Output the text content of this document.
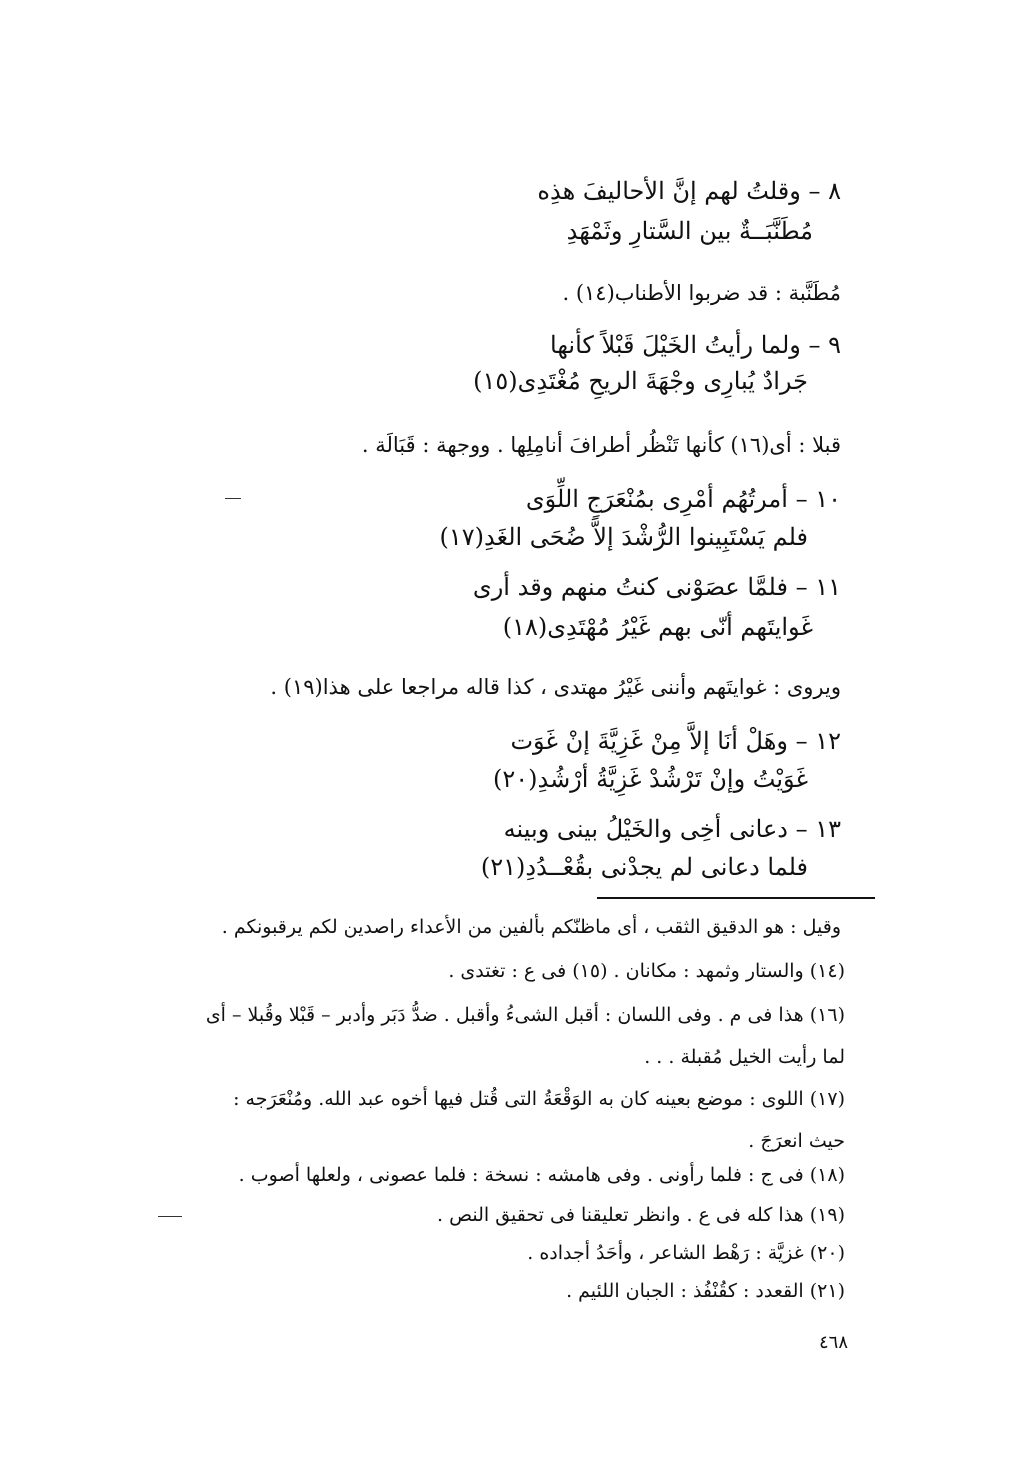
٨ – وقلتُ لهم إنَّ الأحاليفَ هذِه
مُطَنَّبَــةٌ بين السَّتارِ وثَمْهَدِ
مُطَنَّبة : قد ضربوا الأطناب(١٤) .
٩ – ولما رأيتُ الخَيْلَ قَبْلاً كأنها
جَرادٌ يُبارِى وجْهَةَ الريحِ مُغْتَدِى(١٥)
قبلا : أى(١٦) كأنها تَنْظُر أطرافَ أنامِلِها . ووجهة : قَبَالَة .
١٠ – أمرتُهُم أمْرِى بمُنْعَرَجِ اللِّوَى
فلم يَسْتَبِينوا الرُّشْدَ إلاَّ ضُحَى الغَدِ(١٧)
١١ – فلمَّا عصَوْنى كنتُ منهم وقد أرى
غَوايتَهم أنّى بهم غَيْرُ مُهْتَدِى(١٨)
ويروى : غوايتَهم وأننى غَيْرُ مهتدى ، كذا قاله مراجعا على هذا(١٩) .
١٢ – وهَلْ أنَا إلاَّ مِنْ غَزِيَّةَ إنْ غَوَت
غَوَيْتُ وإنْ تَرْشُدْ غَزِيَّةُ أرْشُدِ(٢٠)
١٣ – دعانى أخِى والخَيْلُ بينى وبينه
فلما دعانى لم يجدْنى بقُعْــدُدِ(٢١)
وقيل : هو الدقيق الثقب ، أى ماظنّكم بألفين من الأعداء راصدين لكم يرقبونكم .
(١٤) والستار وثمهد : مكانان . (١٥) فى ع : تغتدى .
(١٦) هذا فى م . وفى اللسان : أقبل الشىءُ وأقبل . ضدُّ دَبَر وأدبر – قَبْلا وقُبلا – أى
لما رأيت الخيل مُقبلة . . .
(١٧) اللوى : موضع بعينه كان به الوَقْعَةُ التى قُتل فيها أخوه عبد الله. ومُنْعَرَجه :
حيث انعرَجَ .
(١٨) فى ج : فلما رأونى . وفى هامشه : نسخة : فلما عصونى ، ولعلها أصوب .
(١٩) هذا كله فى ع . وانظر تعليقنا فى تحقيق النص .
(٢٠) غزيَّة : رَهْط الشاعر ، وأحَدُ أجداده .
(٢١) القعدد : كقُنْفُذ : الجبان اللئيم .
٤٦٨
